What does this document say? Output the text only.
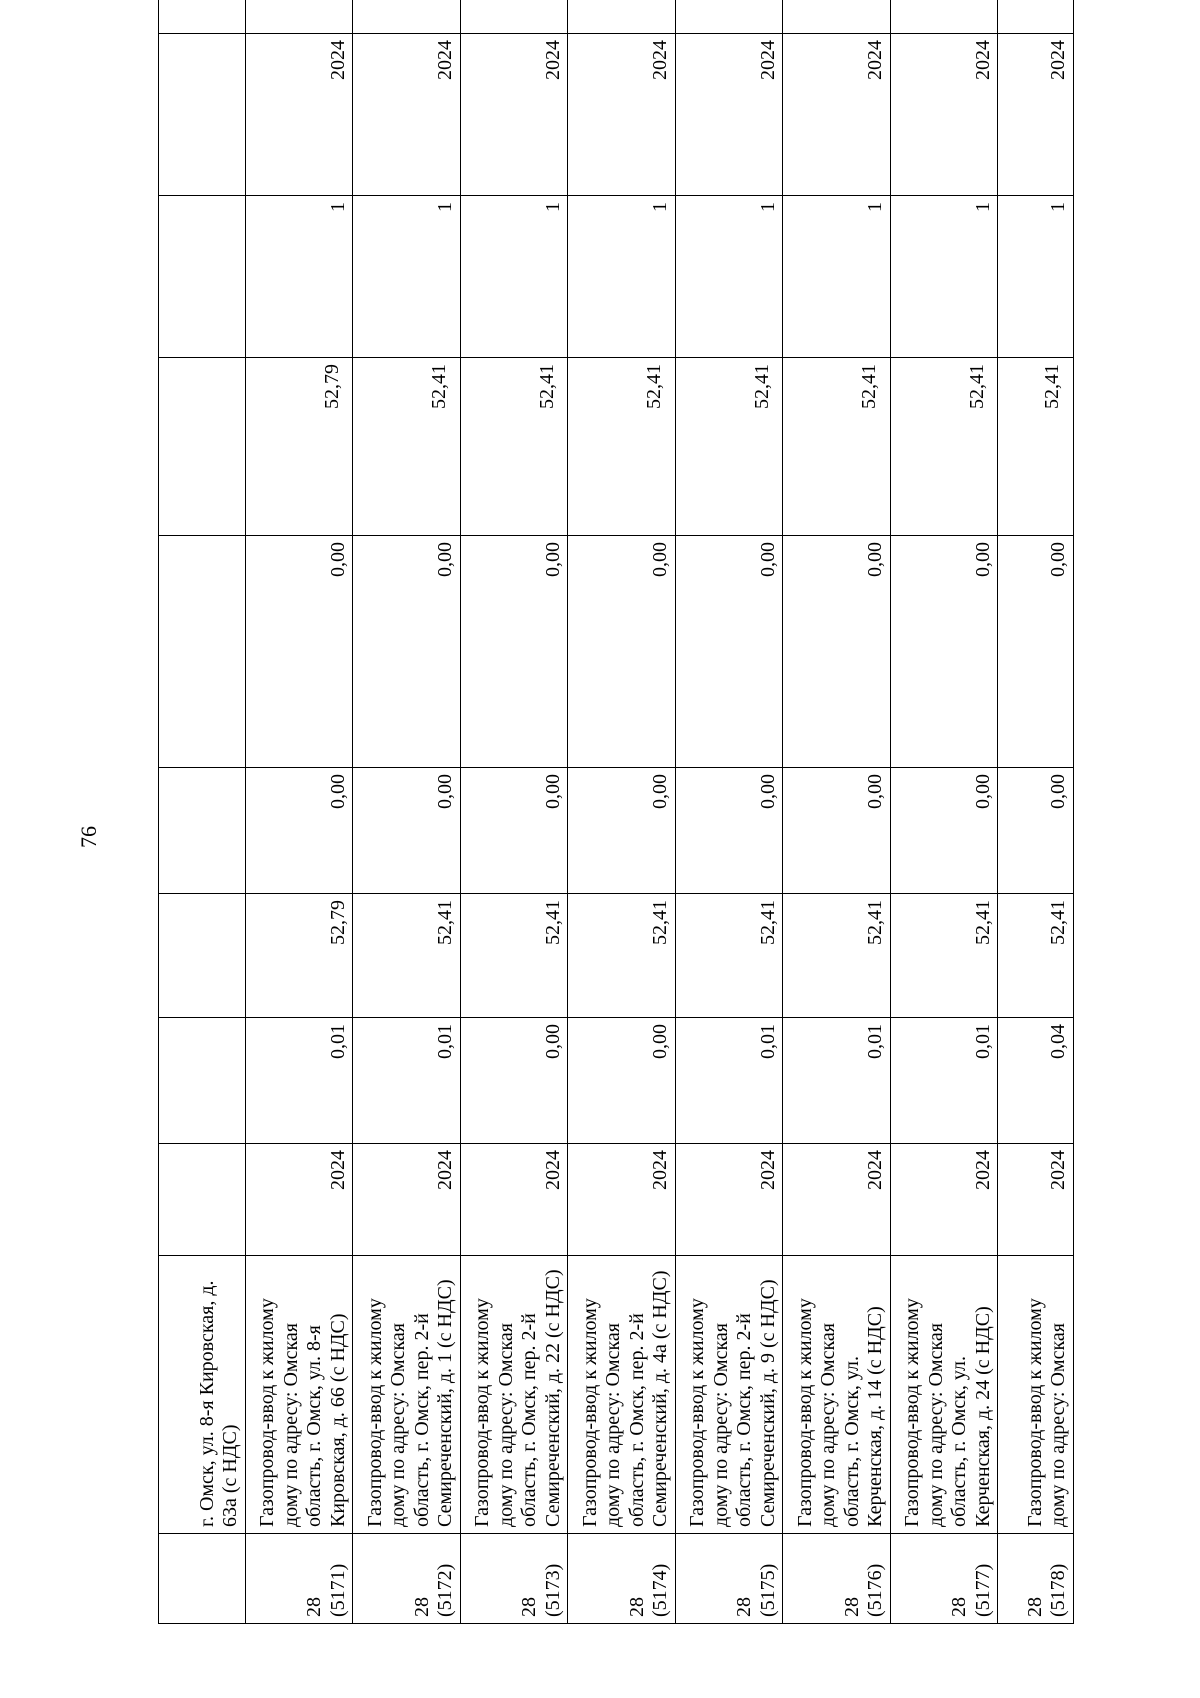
76
	г. Омск, ул. 8-я Кировская, д. 63а (с НДС)									
28 (5171)	Газопровод-ввод к жилому дому по адресу: Омская область, г. Омск, ул. 8-я Кировская, д. 66 (с НДС)	2024	0,01	52,79	0,00	0,00	52,79	1	2024	
28 (5172)	Газопровод-ввод к жилому дому по адресу: Омская область, г. Омск, пер. 2-й Семиреченский, д. 1 (с НДС)	2024	0,01	52,41	0,00	0,00	52,41	1	2024	
28 (5173)	Газопровод-ввод к жилому дому по адресу: Омская область, г. Омск, пер. 2-й Семиреченский, д. 22 (с НДС)	2024	0,00	52,41	0,00	0,00	52,41	1	2024	
28 (5174)	Газопровод-ввод к жилому дому по адресу: Омская область, г. Омск, пер. 2-й Семиреченский, д. 4а (с НДС)	2024	0,00	52,41	0,00	0,00	52,41	1	2024	
28 (5175)	Газопровод-ввод к жилому дому по адресу: Омская область, г. Омск, пер. 2-й Семиреченский, д. 9 (с НДС)	2024	0,01	52,41	0,00	0,00	52,41	1	2024	
28 (5176)	Газопровод-ввод к жилому дому по адресу: Омская область, г. Омск, ул. Керченская, д. 14 (с НДС)	2024	0,01	52,41	0,00	0,00	52,41	1	2024	
28 (5177)	Газопровод-ввод к жилому дому по адресу: Омская область, г. Омск, ул. Керченская, д. 24 (с НДС)	2024	0,01	52,41	0,00	0,00	52,41	1	2024	
28 (5178)	Газопровод-ввод к жилому дому по адресу: Омская	2024	0,04	52,41	0,00	0,00	52,41	1	2024	
